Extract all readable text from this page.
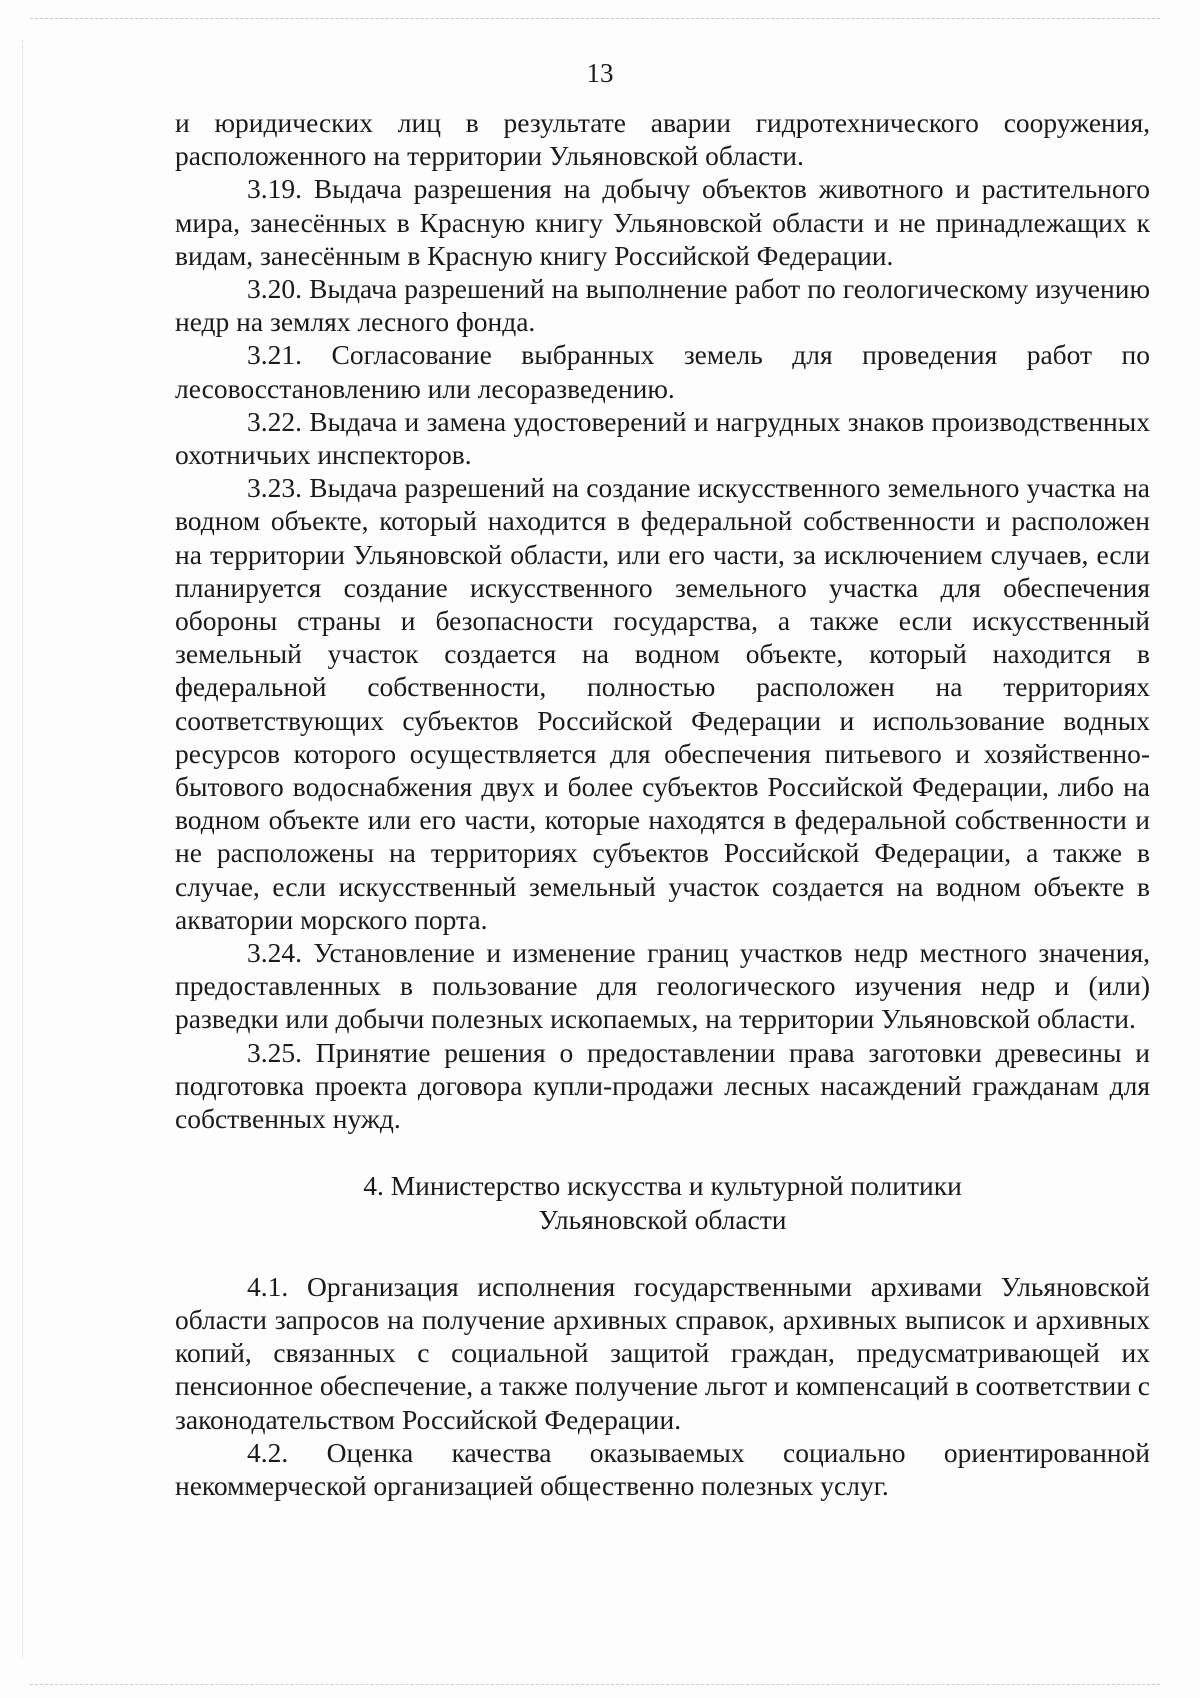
13

и юридических лиц в результате аварии гидротехнического сооружения, расположенного на территории Ульяновской области.

3.19. Выдача разрешения на добычу объектов животного и растительного мира, занесённых в Красную книгу Ульяновской области и не принадлежащих к видам, занесённым в Красную книгу Российской Федерации.

3.20. Выдача разрешений на выполнение работ по геологическому изучению недр на землях лесного фонда.

3.21. Согласование выбранных земель для проведения работ по лесовосстановлению или лесоразведению.

3.22. Выдача и замена удостоверений и нагрудных знаков производственных охотничьих инспекторов.

3.23. Выдача разрешений на создание искусственного земельного участка на водном объекте, который находится в федеральной собственности и расположен на территории Ульяновской области, или его части, за исключением случаев, если планируется создание искусственного земельного участка для обеспечения обороны страны и безопасности государства, а также если искусственный земельный участок создается на водном объекте, который находится в федеральной собственности, полностью расположен на территориях соответствующих субъектов Российской Федерации и использование водных ресурсов которого осуществляется для обеспечения питьевого и хозяйственно-бытового водоснабжения двух и более субъектов Российской Федерации, либо на водном объекте или его части, которые находятся в федеральной собственности и не расположены на территориях субъектов Российской Федерации, а также в случае, если искусственный земельный участок создается на водном объекте в акватории морского порта.

3.24. Установление и изменение границ участков недр местного значения, предоставленных в пользование для геологического изучения недр и (или) разведки или добычи полезных ископаемых, на территории Ульяновской области.

3.25. Принятие решения о предоставлении права заготовки древесины и подготовка проекта договора купли-продажи лесных насаждений гражданам для собственных нужд.

4. Министерство искусства и культурной политики
Ульяновской области

4.1. Организация исполнения государственными архивами Ульяновской области запросов на получение архивных справок, архивных выписок и архивных копий, связанных с социальной защитой граждан, предусматривающей их пенсионное обеспечение, а также получение льгот и компенсаций в соответствии с законодательством Российской Федерации.

4.2. Оценка качества оказываемых социально ориентированной некоммерческой организацией общественно полезных услуг.
